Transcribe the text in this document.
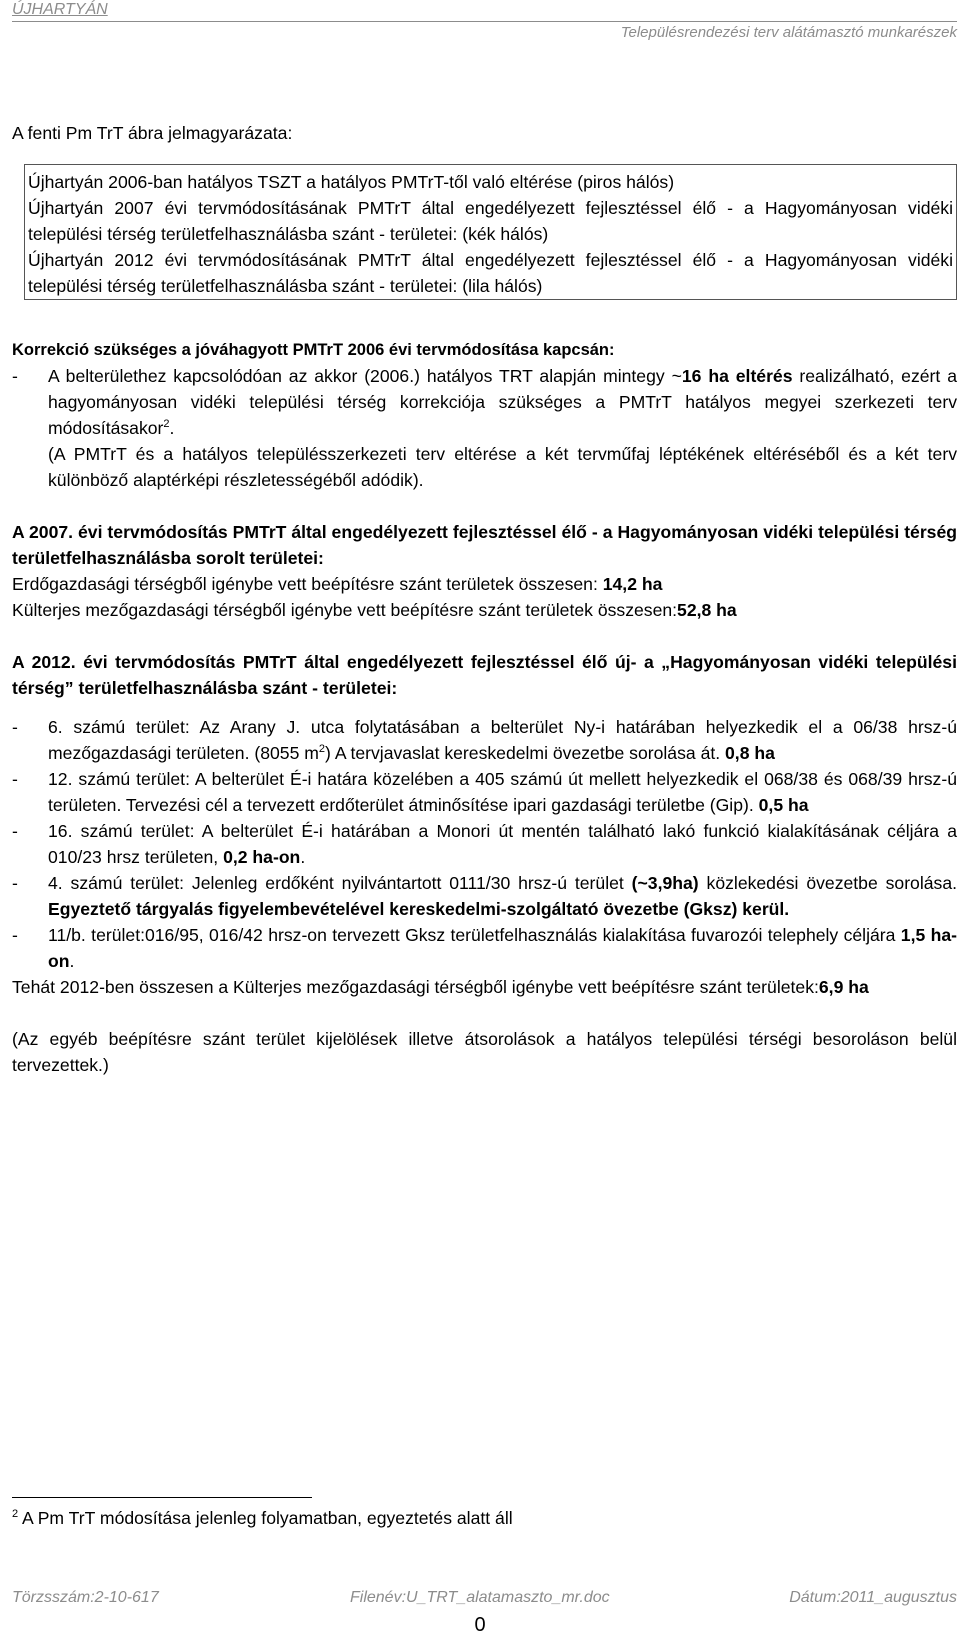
ÚJHARTYÁN
Településrendezési terv alátámasztó munkarészek

A fenti Pm TrT ábra jelmagyarázata:

Újhartyán 2006-ban hatályos TSZT a hatályos PMTrT-től való eltérése (piros hálós)

Újhartyán 2007 évi tervmódosításának PMTrT által engedélyezett fejlesztéssel élő - a Hagyományosan vidéki települési térség területfelhasználásba szánt - területei: (kék hálós)

Újhartyán 2012 évi tervmódosításának PMTrT által engedélyezett fejlesztéssel élő - a Hagyományosan vidéki települési térség területfelhasználásba szánt - területei: (lila hálós)

Korrekció szükséges a jóváhagyott PMTrT 2006 évi tervmódosítása kapcsán:

- A belterülethez kapcsolódóan az akkor (2006.) hatályos TRT alapján mintegy ~16 ha eltérés realizálható, ezért a hagyományosan vidéki települési térség korrekciója szükséges a PMTrT hatályos megyei szerkezeti terv módosításakor$^2$.

(A PMTrT és a hatályos településszerkezeti terv eltérése a két tervműfaj léptékének eltéréséből és a két terv különböző alaptérképi részletességéből adódik).

A 2007. évi tervmódosítás PMTrT által engedélyezett fejlesztéssel élő - a Hagyományosan vidéki települési térség területfelhasználásba sorolt területei:

Erdőgazdasági térségből igénybe vett beépítésre szánt területek összesen: 14,2 ha

Külterjes mezőgazdasági térségből igénybe vett beépítésre szánt területek összesen:52,8 ha

A 2012. évi tervmódosítás PMTrT által engedélyezett fejlesztéssel élő új- a „Hagyományosan vidéki települési térség” területfelhasználásba szánt - területei:

- 6. számú terület: Az Arany J. utca folytatásában a belterület Ny-i határában helyezkedik el a 06/38 hrsz-ú mezőgazdasági területen. (8055 $m^2$) A tervjavaslat kereskedelmi övezetbe sorolása át. 0,8 ha
- 12. számú terület: A belterület É-i határa közelében a 405 számú út mellett helyezkedik el 068/38 és 068/39 hrsz-ú területen. Tervezési cél a tervezett erdőterület átminősítése ipari gazdasági területbe (Gip). 0,5 ha
- 16. számú terület: A belterület É-i határában a Monori út mentén található lakó funkció kialakításának céljára a 010/23 hrsz területen, 0,2 ha-on.
- 4. számú terület: Jelenleg erdőként nyilvántartott 0111/30 hrsz-ú terület (~3,9ha) közlekedési övezetbe sorolása. Egyeztető tárgyalás figyelembevételével kereskedelmi-szolgáltató övezetbe (Gksz) kerül.
- 11/b. terület:016/95, 016/42 hrsz-on tervezett Gksz területfelhasználás kialakítása fuvarozói telephely céljára 1,5 ha-on.

Tehát 2012-ben összesen a Külterjes mezőgazdasági térségből igénybe vett beépítésre szánt területek:6,9 ha

(Az egyéb beépítésre szánt terület kijelölések illetve átsorolások a hatályos települési térségi besoroláson belül tervezettek.)

$^2$ A Pm TrT módosítása jelenleg folyamatban, egyeztetés alatt áll
Törzsszám:2-10-617	Filenév:U_TRT_alatamaszto_mr.doc	Dátum:2011_augusztus
0
